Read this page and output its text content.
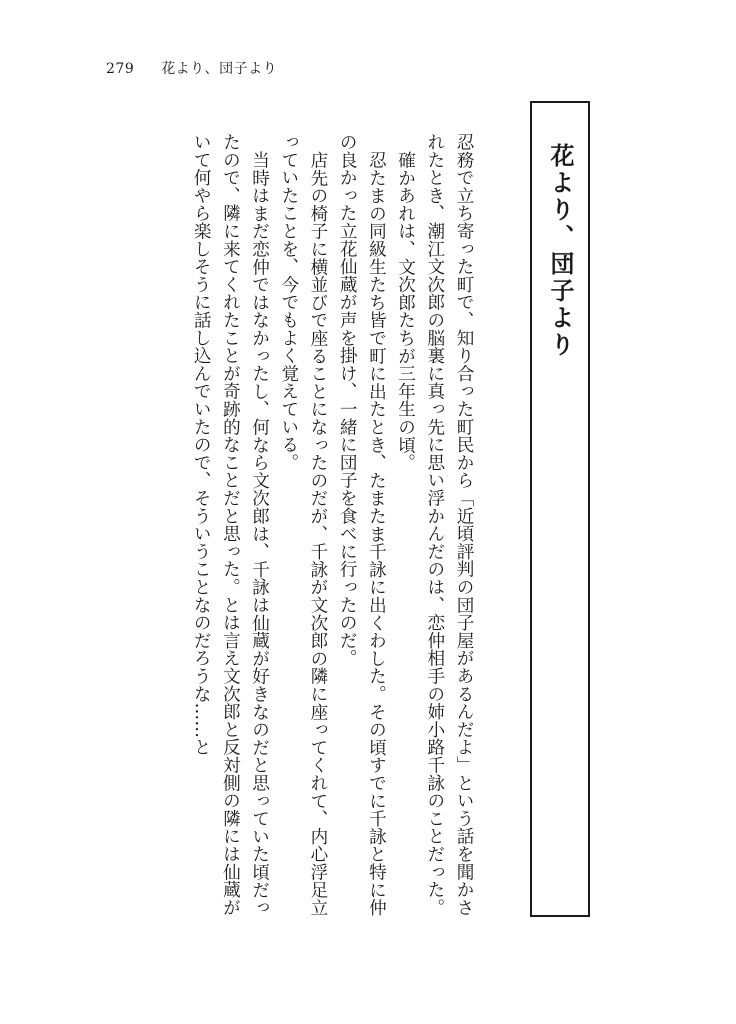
279 花より、団子より
花より、団子より

忍務で立ち寄った町で、知り合った町民から「近頃評判の団子屋があるんだよ」という話を聞かされたとき、潮江文次郎の脳裏に真っ先に思い浮かんだのは、恋仲相手の姉小路千詠のことだった。

確かあれは、文次郎たちが三年生の頃。

忍たまの同級生たち皆で町に出たとき、たまたま千詠に出くわした。その頃すでに千詠と特に仲の良かった立花仙蔵が声を掛け、一緒に団子を食べに行ったのだ。

店先の椅子に横並びで座ることになったのだが、千詠が文次郎の隣に座ってくれて、内心浮足立っていたことを、今でもよく覚えている。

当時はまだ恋仲ではなかったし、何なら文次郎は、千詠は仙蔵が好きなのだと思っていた頃だったので、隣に来てくれたことが奇跡的なことだと思った。とは言え文次郎と反対側の隣には仙蔵がいて何やら楽しそうに話し込んでいたので、そういうことなのだろうな……と
